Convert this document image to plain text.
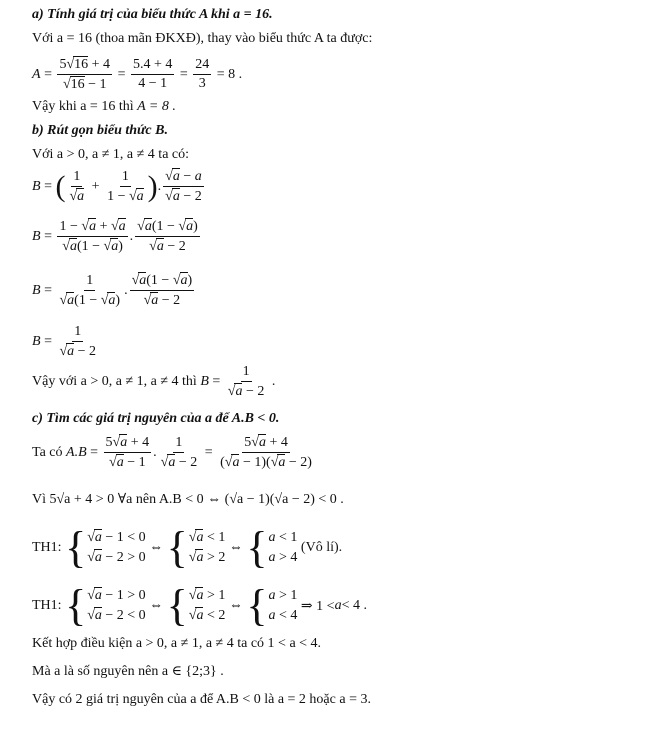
a) Tính giá trị của biểu thức A khi a = 16.
Với a = 16 (thoa mãn ĐKXĐ), thay vào biểu thức A ta được:
A = 5 √ 16 + 4
√ $16 - 1 = \frac{5.4 + 4}{4 - 1} = \frac{24}{3} = 8$ .
Vậy khi a = 16 thì A = 8 .
b) Rút gọn biểu thức B.
Với a > 0, a ≠ 1, a ≠ 4 ta có:
B = ( 1
√ $a + \frac{1}{1 - √ a}$ ) . √ a − a
√ a − 2
B = 1 − √ a + √ a
√ a(1 − √ a) . √ a(1 − √ a)
√ a − 2
B = 1
√ a(1 − √ a) . √ a(1 − √ a)
√ a − 2
B = 1
√ a − 2
Vậy với a > 0, a ≠ 1, a ≠ 4 thì
B = 1
√ a − 2 .
c) Tìm các giá trị nguyên của a để A.B < 0.
Ta có
A.B = 5 √ a + 4
√ a − 1 . 1
√ $a - 2 = \frac{5 √ a + 4}{( √ a - 1)( √ a - 2)}$
Vì 5√a + 4 > 0 ∀a nên A.B < 0 ⇔ (√a − 1)(√a − 2) < 0 .
TH1:
{ √ a − 1 < 0
√ a − 2 > 0
⇔ { √ a < 1
√ a > 2
⇔ { a < 1
a > 4

(Vô lí).
TH1:
{ √ a − 1 > 0
√ a − 2 < 0
⇔ { √ a > 1
√ a < 2
⇔ { a > 1
a < 4
⇒ 1 < a < 4 .
Kết hợp điều kiện a > 0, a ≠ 1, a ≠ 4 ta có 1 < a < 4.
Mà a là số nguyên nên a ∈ {2;3} .
Vậy có 2 giá trị nguyên của a để A.B < 0 là a = 2 hoặc a = 3.
